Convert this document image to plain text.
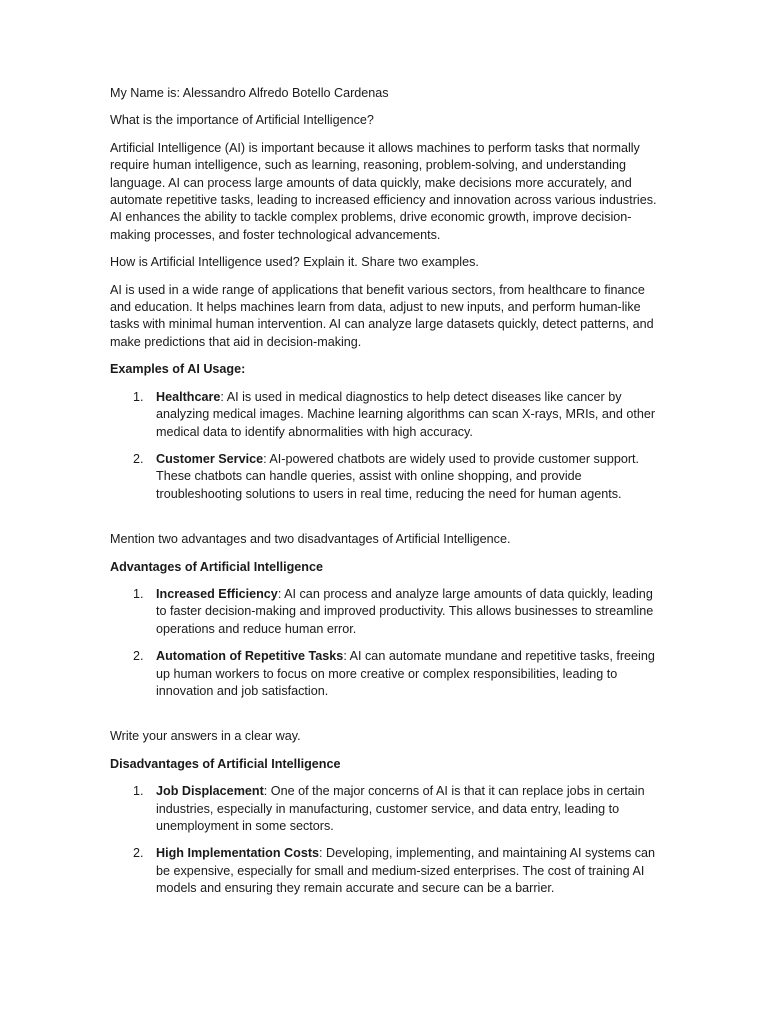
My Name is: Alessandro Alfredo Botello Cardenas

What is the importance of Artificial Intelligence?

Artificial Intelligence (AI) is important because it allows machines to perform tasks that normally require human intelligence, such as learning, reasoning, problem-solving, and understanding language. AI can process large amounts of data quickly, make decisions more accurately, and automate repetitive tasks, leading to increased efficiency and innovation across various industries. AI enhances the ability to tackle complex problems, drive economic growth, improve decision-making processes, and foster technological advancements.

How is Artificial Intelligence used? Explain it. Share two examples.

AI is used in a wide range of applications that benefit various sectors, from healthcare to finance and education. It helps machines learn from data, adjust to new inputs, and perform human-like tasks with minimal human intervention. AI can analyze large datasets quickly, detect patterns, and make predictions that aid in decision-making.

Examples of AI Usage:

1. Healthcare: AI is used in medical diagnostics to help detect diseases like cancer by analyzing medical images. Machine learning algorithms can scan X-rays, MRIs, and other medical data to identify abnormalities with high accuracy.
2. Customer Service: AI-powered chatbots are widely used to provide customer support. These chatbots can handle queries, assist with online shopping, and provide troubleshooting solutions to users in real time, reducing the need for human agents.

Mention two advantages and two disadvantages of Artificial Intelligence.

Advantages of Artificial Intelligence

1. Increased Efficiency: AI can process and analyze large amounts of data quickly, leading to faster decision-making and improved productivity. This allows businesses to streamline operations and reduce human error.
2. Automation of Repetitive Tasks: AI can automate mundane and repetitive tasks, freeing up human workers to focus on more creative or complex responsibilities, leading to innovation and job satisfaction.

Write your answers in a clear way.

Disadvantages of Artificial Intelligence

1. Job Displacement: One of the major concerns of AI is that it can replace jobs in certain industries, especially in manufacturing, customer service, and data entry, leading to unemployment in some sectors.
2. High Implementation Costs: Developing, implementing, and maintaining AI systems can be expensive, especially for small and medium-sized enterprises. The cost of training AI models and ensuring they remain accurate and secure can be a barrier.
